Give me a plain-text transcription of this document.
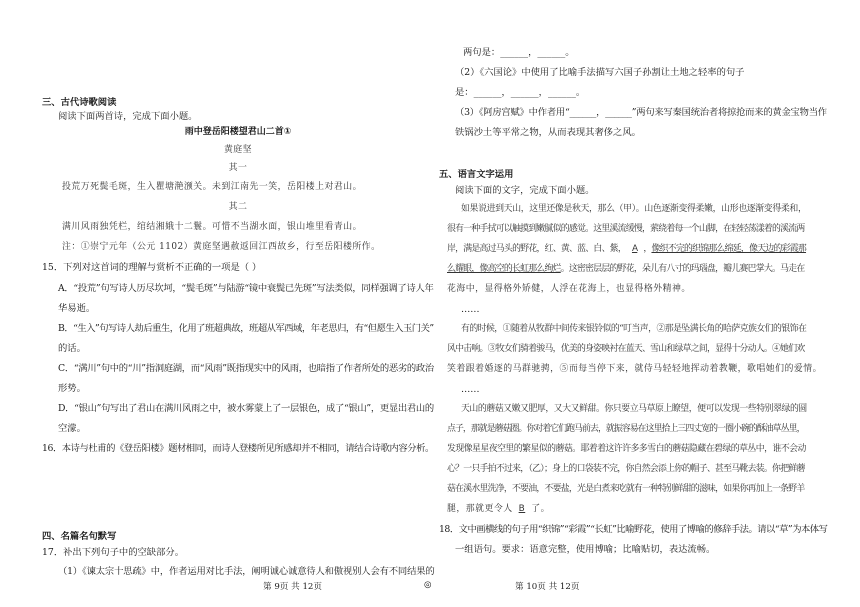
三、古代诗歌阅读
阅读下面两首诗，完成下面小题。
雨中登岳阳楼望君山二首①
黄庭坚
其一
投荒万死鬓毛斑，生入瞿塘滟滪关。未到江南先一笑，岳阳楼上对君山。
其二
满川风雨独凭栏，绾结湘娥十二鬟。可惜不当湖水面，银山堆里看青山。
注：①崇宁元年（公元 1102）黄庭坚遇赦返回江西故乡，行至岳阳楼所作。
15．下列对这首词的理解与赏析不正确的一项是（ ）
A．“投荒”句写诗人历尽坎坷，“鬓毛斑”与陆游“镜中衰鬓已先斑”写法类似，同样强调了诗人年
华易逝。
B．“生入”句写诗人劫后重生，化用了班超典故，班超从军西域，年老思归，有“但愿生入玉门关”
的话。
C．“满川”句中的“川”指洞庭湖，而“风雨”既指现实中的风雨，也暗指了作者所处的恶劣的政治
形势。
D．“银山”句写出了君山在满川风雨之中，被水雾蒙上了一层银色，成了“银山”，更显出君山的
空濛。
16．本诗与杜甫的《登岳阳楼》题材相同，而诗人登楼所见所感却并不相同，请结合诗歌内容分析。
四、名篇名句默写
17．补出下列句子中的空缺部分。
（1）《谏太宗十思疏》中，作者运用对比手法，阐明诚心诚意待人和傲视别人会有不同结果的
两句是：______，______。
（2）《六国论》中使用了比喻手法描写六国子孙割让土地之轻率的句子
是：______，______，______。
（3）《阿房宫赋》中作者用“______，______”两句来写秦国统治者将掠抢而来的黄金宝物当作
铁锅沙土等平常之物，从而表现其奢侈之风。
五、语言文字运用
阅读下面的文字，完成下面小题。
如果说进到天山，这里还像是秋天，那么（甲）。山色逐渐变得柔嫩，山形也逐渐变得柔和，
很有一种手拭可以触摸到嫩腻似的感觉。这里溪流缓慢，萦绕着每一个山脚，在轻轻荡漾着的溪流两
岸，满是高过马头的野花，红、黄、蓝、白、紫， A ，像织不完的织锦那么绵延，像天边的彩霞那
么耀眼，像高空的长虹那么绚烂。这密密层层的野花，朵儿有八寸的玛瑙盘，瓣儿赛巴掌大。马走在
花海中，显得格外矫健，人浮在花海上，也显得格外精神。
……
有的时候，①随着从牧群中间传来银铃似的“叮当声，②那是坠满长角的哈萨克族女们的银饰在
风中击响。③牧女们骑着骏马，优美的身姿映衬在蓝天、雪山和绿草之间，显得十分动人。④她们欢
笑着跟着婚逐的马群驰骋，⑤而每当停下来，就侍马轻轻地挥动着教鞭，歌唱她们的爱情。
……
天山的蘑菇又嫩又肥厚，又大又鲜甜。你只要立马草原上瞭望，便可以发现一些特别翠绿的圆
点子，那就是蘑菇圈。你对着它们跑马前去，就振容易在这里拾上三四丈宽的一圈小碗的酥油草丛里，
发现像星星夜空里的繁星似的蘑菇。耶着着这许许多多雪白的蘑菇隐藏在碧绿的草丛中，谁不会动
心？一只手拍不过来，（乙）；身上的口袋装不完，你自然会添上你的帽子、甚至马靴去装。你把鲜蘑
菇在溪水里洗净，不要油，不要盐，光是白煮来吃就有一种特别鲜甜的滋味，如果你再加上一条野羊
腿，那就更令人 B 了。
18．文中画横线的句子用“织锦”“彩霞”“长虹”比喻野花，使用了博喻的修辞手法。请以“草”为本体写
一组语句。要求：语意完整，使用博喻；比喻贴切，表达流畅。
第 9页 共 12页	◎	第 10页 共 12页
